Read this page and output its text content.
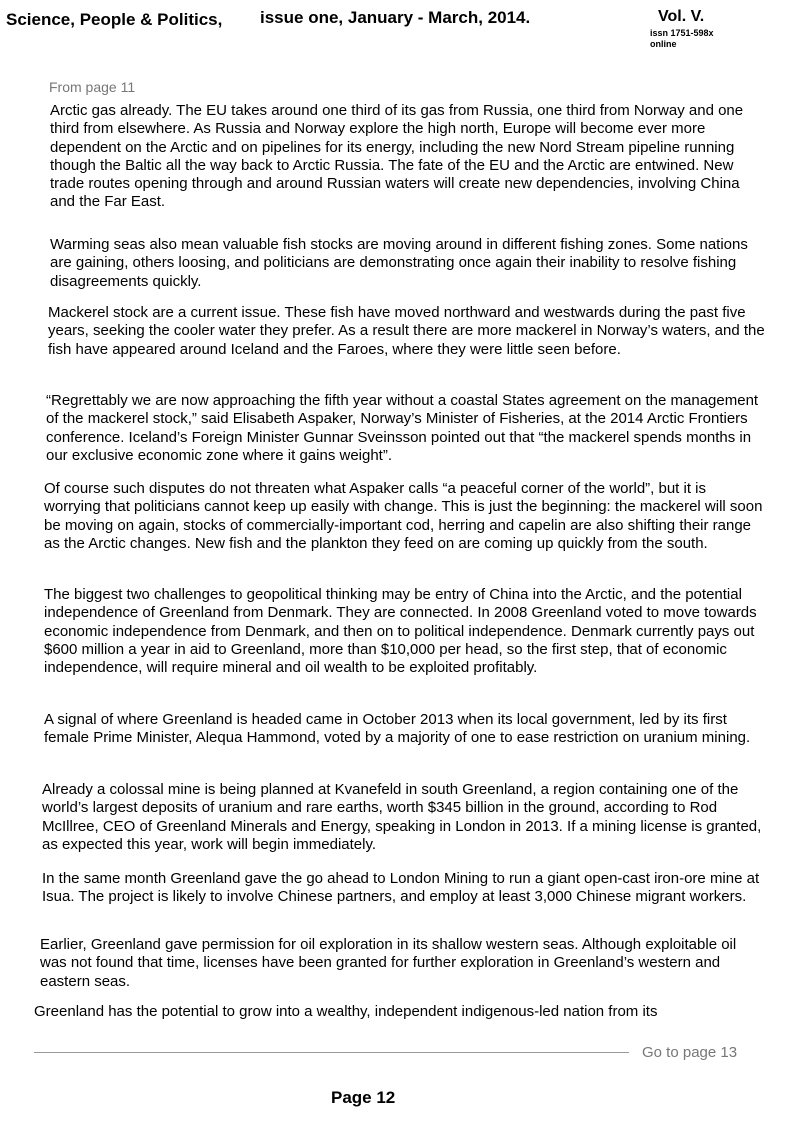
Science, People & Politics, issue one, January - March, 2014.	Vol. V.
issn 1751-598x
online
From page 11
Arctic gas already. The EU takes around one third of its gas from Russia, one third from Norway and one third from elsewhere. As Russia and Norway explore the high north, Europe will become ever more dependent on the Arctic and on pipelines for its energy, including the new Nord Stream pipeline running though the Baltic all the way back to Arctic Russia. The fate of the EU and the Arctic are entwined. New trade routes opening through and around Russian waters will create new dependencies, involving China and the Far East.
Warming seas also mean valuable fish stocks are moving around in different fishing zones. Some nations are gaining, others loosing, and politicians are demonstrating once again their inability to resolve fishing disagreements quickly.
Mackerel stock are a current issue. These fish have moved northward and westwards during the past five years, seeking the cooler water they prefer. As a result there are more mackerel in Norway’s waters, and the fish have appeared around Iceland and the Faroes, where they were little seen before.
“Regrettably we are now approaching the fifth year without a coastal States agreement on the management of the mackerel stock,” said Elisabeth Aspaker, Norway’s Minister of Fisheries, at the 2014 Arctic Frontiers conference. Iceland’s Foreign Minister Gunnar Sveinsson pointed out that “the mackerel spends months in our exclusive economic zone where it gains weight”.
Of course such disputes do not threaten what Aspaker calls “a peaceful corner of the world”, but it is worrying that politicians cannot keep up easily with change. This is just the beginning: the mackerel will soon be moving on again, stocks of commercially-important cod, herring and capelin are also shifting their range as the Arctic changes. New fish and the plankton they feed on are coming up quickly from the south.
The biggest two challenges to geopolitical thinking may be entry of China into the Arctic, and the potential independence of Greenland from Denmark. They are connected. In 2008 Greenland voted to move towards economic independence from Denmark, and then on to political independence. Denmark currently pays out $600 million a year in aid to Greenland, more than $10,000 per head, so the first step, that of economic independence, will require mineral and oil wealth to be exploited profitably.
A signal of where Greenland is headed came in October 2013 when its local government, led by its first female Prime Minister, Alequa Hammond, voted by a majority of one to ease restriction on uranium mining.
Already a colossal mine is being planned at Kvanefeld in south Greenland, a region containing one of the world’s largest deposits of uranium and rare earths, worth $345 billion in the ground, according to Rod McIllree, CEO of Greenland Minerals and Energy, speaking in London in 2013. If a mining license is granted, as expected this year, work will begin immediately.
In the same month Greenland gave the go ahead to London Mining to run a giant open-cast iron-ore mine at Isua. The project is likely to involve Chinese partners, and employ at least 3,000 Chinese migrant workers.
Earlier, Greenland gave permission for oil exploration in its shallow western seas. Although exploitable oil was not found that time, licenses have been granted for further exploration in Greenland’s western and eastern seas.
Greenland has the potential to grow into a wealthy, independent indigenous-led nation from its
Go to page 13
Page 12
